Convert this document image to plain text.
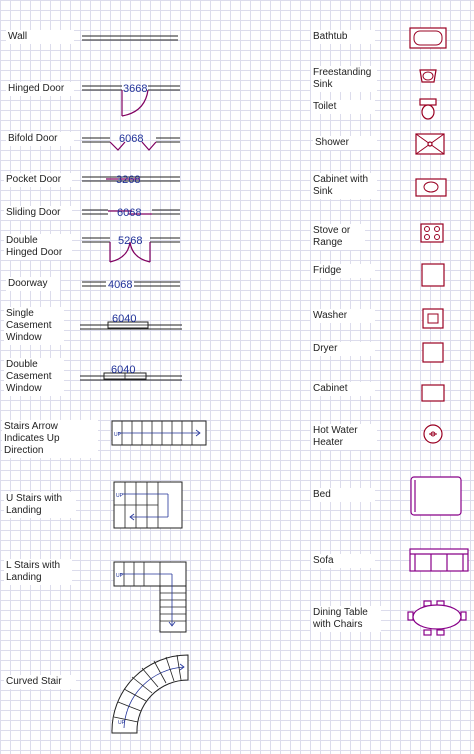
Wall
Hinged Door
Bifold Door
Pocket Door
Sliding Door
Double Hinged Door
Doorway
Single Casement Window
Double Casement Window
Stairs Arrow Indicates Up Direction
U Stairs with Landing
L Stairs with Landing
Curved Stair
Bathtub
Freestanding Sink
Toilet
Shower
Cabinet with Sink
Stove or Range
Fridge
Washer
Dryer
Cabinet
Hot Water Heater
Bed
Sofa
Dining Table with Chairs
3668
6068
3268
6068
5268
4068
6040
6040
UP
UP
UP
UP
